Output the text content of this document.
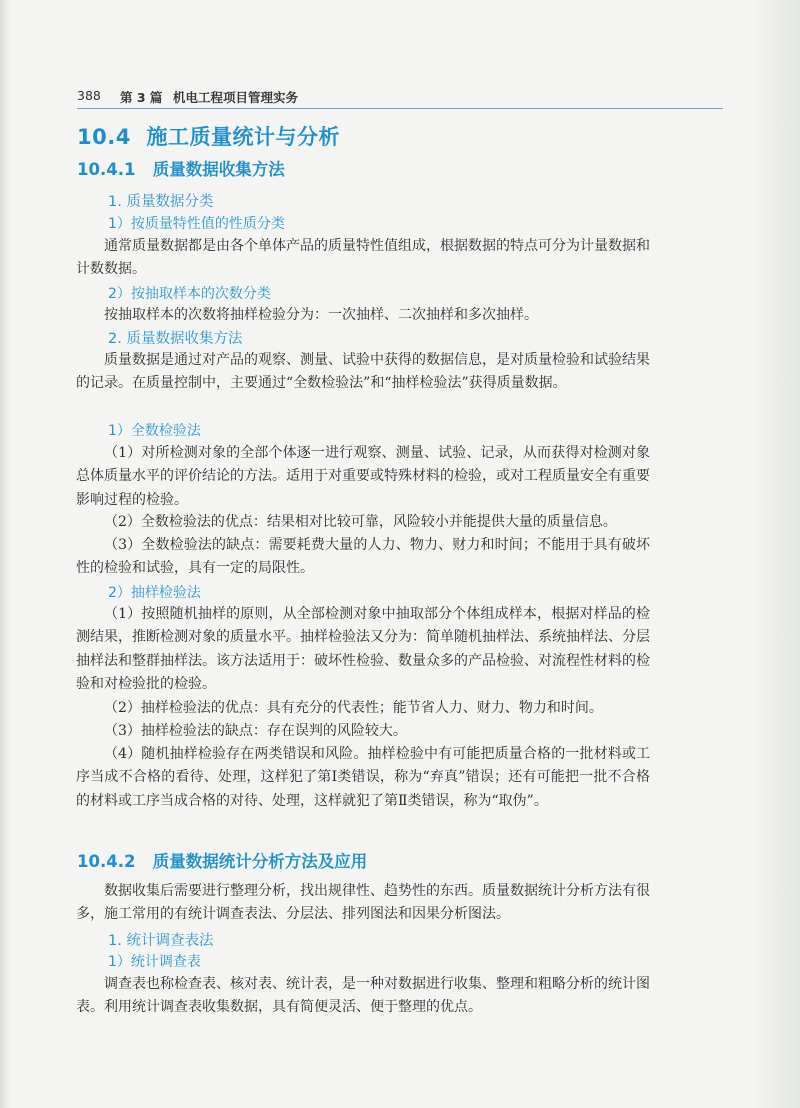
388 第 3 篇 机电工程项目管理实务
10.4 施工质量统计与分析
10.4.1 质量数据收集方法
1. 质量数据分类
1）按质量特性值的性质分类

通常质量数据都是由各个单体产品的质量特性值组成，根据数据的特点可分为计量数据和计数数据。

2）按抽取样本的次数分类

按抽取样本的次数将抽样检验分为：一次抽样、二次抽样和多次抽样。

2. 质量数据收集方法

质量数据是通过对产品的观察、测量、试验中获得的数据信息，是对质量检验和试验结果的记录。在质量控制中，主要通过“全数检验法”和“抽样检验法”获得质量数据。

1）全数检验法

（1）对所检测对象的全部个体逐一进行观察、测量、试验、记录，从而获得对检测对象总体质量水平的评价结论的方法。适用于对重要或特殊材料的检验，或对工程质量安全有重要影响过程的检验。

（2）全数检验法的优点：结果相对比较可靠，风险较小并能提供大量的质量信息。

（3）全数检验法的缺点：需要耗费大量的人力、物力、财力和时间；不能用于具有破坏性的检验和试验，具有一定的局限性。

2）抽样检验法

（1）按照随机抽样的原则，从全部检测对象中抽取部分个体组成样本，根据对样品的检测结果，推断检测对象的质量水平。抽样检验法又分为：简单随机抽样法、系统抽样法、分层抽样法和整群抽样法。该方法适用于：破坏性检验、数量众多的产品检验、对流程性材料的检验和对检验批的检验。

（2）抽样检验法的优点：具有充分的代表性；能节省人力、财力、物力和时间。

（3）抽样检验法的缺点：存在误判的风险较大。

（4）随机抽样检验存在两类错误和风险。抽样检验中有可能把质量合格的一批材料或工序当成不合格的看待、处理，这样犯了第Ⅰ类错误，称为“弃真”错误；还有可能把一批不合格的材料或工序当成合格的对待、处理，这样就犯了第Ⅱ类错误，称为“取伪”。

10.4.2 质量数据统计分析方法及应用

数据收集后需要进行整理分析，找出规律性、趋势性的东西。质量数据统计分析方法有很多，施工常用的有统计调查表法、分层法、排列图法和因果分析图法。

1. 统计调查表法
1）统计调查表

调查表也称检查表、核对表、统计表，是一种对数据进行收集、整理和粗略分析的统计图表。利用统计调查表收集数据，具有简便灵活、便于整理的优点。
